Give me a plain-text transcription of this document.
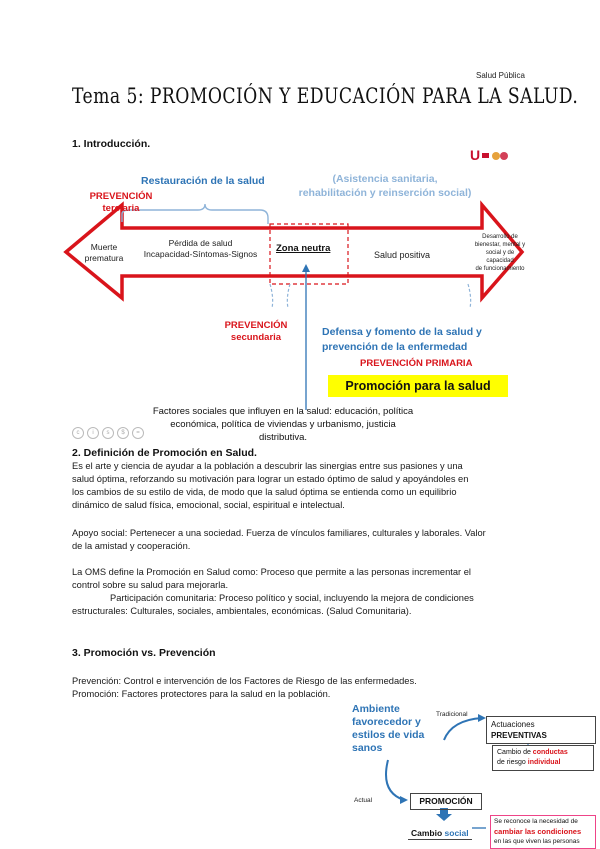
Salud Pública
Tema 5: PROMOCIÓN Y EDUCACIÓN PARA LA SALUD.
1. Introducción.
U
Restauración de la salud	(Asistencia sanitaria,
rehabilitación y reinserción social)
PREVENCIÓN
terciaria
Muerte
prematura
Pérdida de salud
Incapacidad-Síntomas-Signos	Zona neutra
Salud positiva
Desarrollo de
bienestar, mental y
social y de capacidad
de funcionamiento
PREVENCIÓN
secundaria	Defensa y fomento de la salud y
prevención de la enfermedad
PREVENCIÓN PRIMARIA
Promoción para la salud
Factores sociales que influyen en la salud: educación, política
económica, política de viviendas y urbanismo, justicia distributiva.
c	i	s	$	=
2. Definición de Promoción en Salud.
Es el arte y ciencia de ayudar a la población a descubrir las sinergias entre sus pasiones y una
salud óptima, reforzando su motivación para lograr un estado óptimo de salud y apoyándoles en
los cambios de su estilo de vida, de modo que la salud óptima se entienda como un equilibrio
dinámico de salud física, emocional, social, espiritual e intelectual.
Apoyo social: Pertenecer a una sociedad. Fuerza de vínculos familiares, culturales y laborales. Valor
de la amistad y cooperación.
La OMS define la Promoción en Salud como: Proceso que permite a las personas incrementar el
control sobre su salud para mejorarla.
Participación comunitaria: Proceso político y social, incluyendo la mejora de condiciones
estructurales: Culturales, sociales, ambientales, económicas. (Salud Comunitaria).
3. Promoción vs. Prevención
Prevención: Control e intervención de los Factores de Riesgo de las enfermedades.
Promoción: Factores protectores para la salud en la población.
Ambiente
favorecedor y
estilos de vida
sanos
Tradicional
Actuaciones PREVENTIVAS
Cambio de conductas
de riesgo individual
Actual	PROMOCIÓN
Cambio social
Se reconoce la necesidad de
cambiar las condiciones
en las que viven las personas
